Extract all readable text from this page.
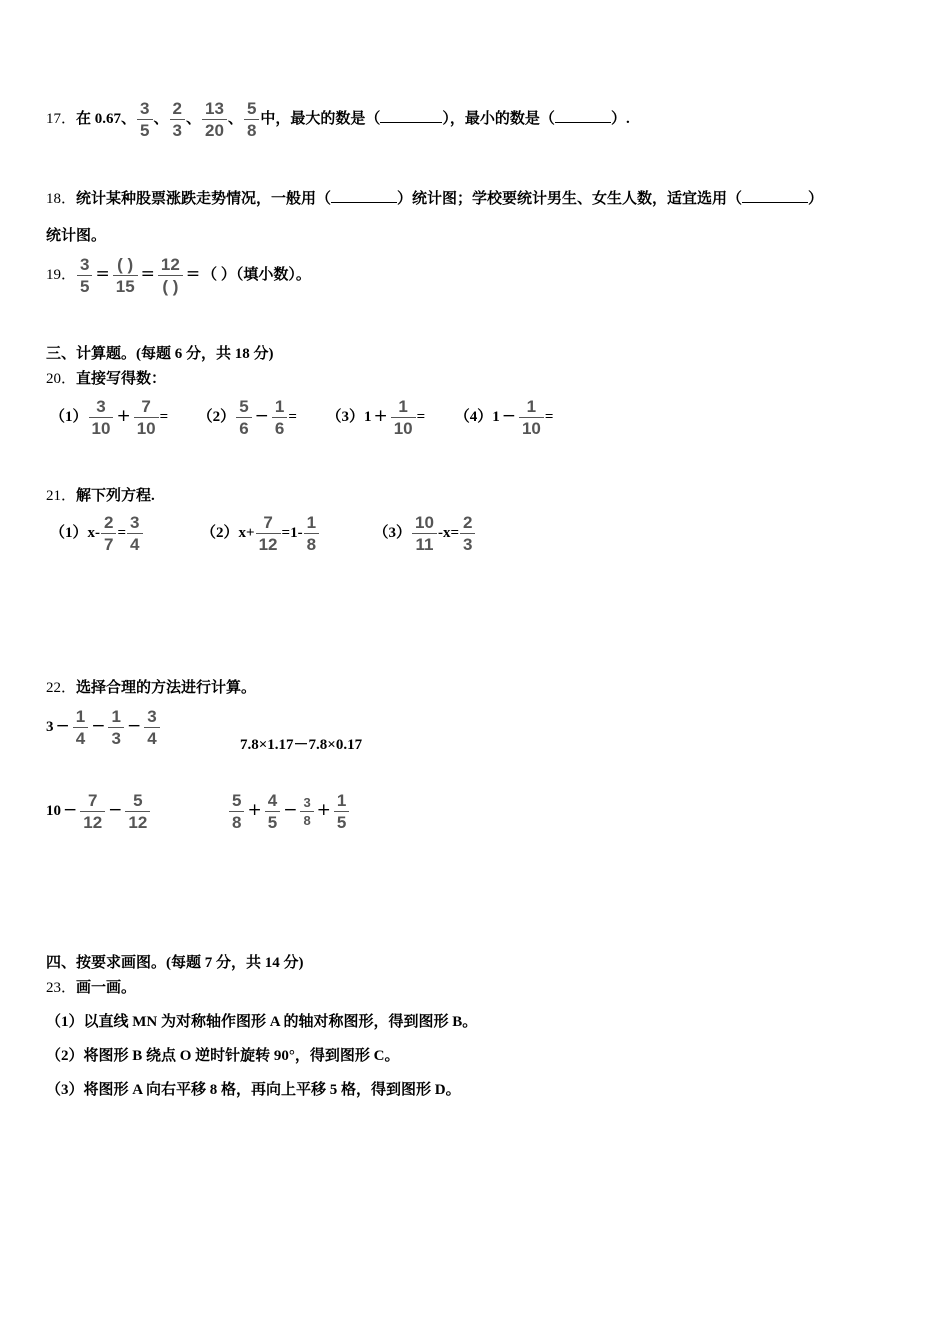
17．在 0.67、 $\frac{3}{5}$ 、 $\frac{2}{3}$ 、 $\frac{13}{20}$ 、 $\frac{5}{8}$ 中，最大的数是（	），最小的数是（	）.
18．统计某种股票涨跌走势情况，一般用（	）统计图；学校要统计男生、女生人数，适宜选用（	）
统计图。
19． $\frac{3}{5}$ = ( )
15
= 12
( )
= （ ）（填小数）。
三、计算题。(每题 6 分，共 18 分)
20．直接写得数：
$(1) \frac{3}{10} + \frac{7}{10} = (2) \frac{5}{6} - \frac{1}{6} = (3)1 + \frac{1}{10} = (4)1 - \frac{1}{10}$ =
21．解下列方程.
$(1)x- \frac{2}{7} = \frac{3}{4}$	$(2)x+ \frac{7}{12} =1- \frac{1}{8}$	$(3) \frac{10}{11} -x= \frac{2}{3}$
22．选择合理的方法进行计算。
$3 - \frac{1}{4} - \frac{1}{3} - \frac{3}{4}$	7.8×1.17－7.8×0.17
$10 - \frac{7}{12} - \frac{5}{12}$	$\frac{5}{8} + \frac{4}{5} - \frac{3}{8} + \frac{1}{5}$
四、按要求画图。(每题 7 分，共 14 分)
23．画一画。
（1）以直线 MN 为对称轴作图形 A 的轴对称图形，得到图形 B。
（2）将图形 B 绕点 O 逆时针旋转 90°，得到图形 C。
（3）将图形 A 向右平移 8 格，再向上平移 5 格，得到图形 D。
